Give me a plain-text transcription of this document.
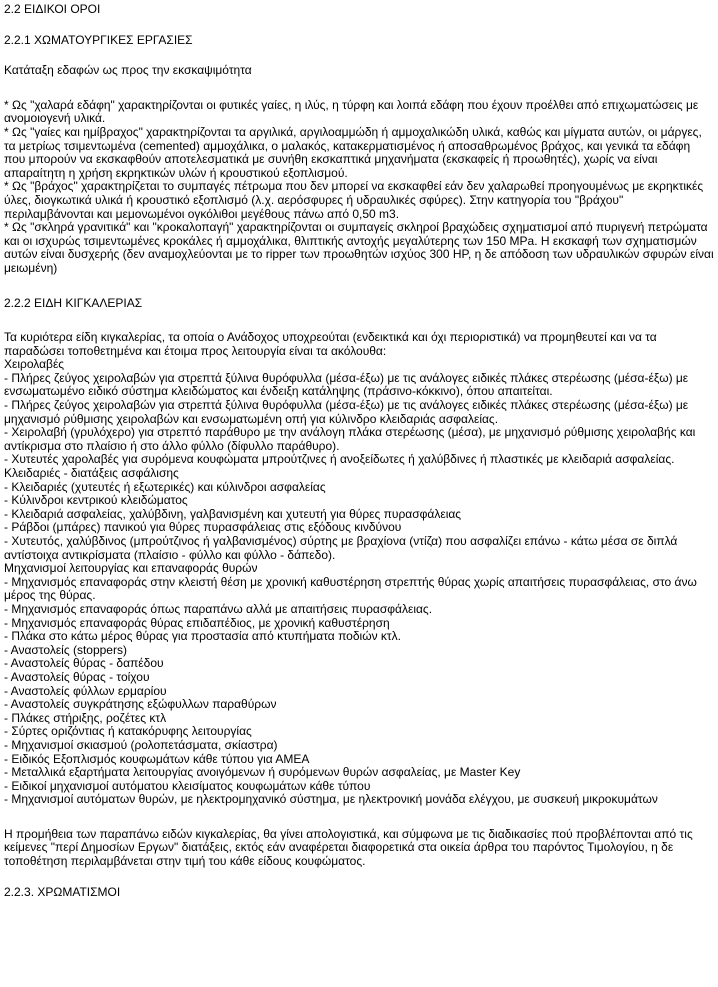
2.2 ΕΙΔΙΚΟΙ ΟΡΟΙ
2.2.1 ΧΩΜΑΤΟΥΡΓΙΚΕΣ ΕΡΓΑΣΙΕΣ
Κατάταξη εδαφών ως προς την εκσκαψιμότητα
* Ως "χαλαρά εδάφη" χαρακτηρίζονται οι φυτικές γαίες, η ιλύς, η τύρφη και λοιπά εδάφη που έχουν προέλθει από επιχωματώσεις με ανομοιογενή υλικά.
* Ως "γαίες και ημίβραχος" χαρακτηρίζονται τα αργιλικά, αργιλοαμμώδη ή αμμοχαλικώδη υλικά, καθώς και μίγματα αυτών, οι μάργες, τα μετρίως τσιμεντωμένα (cemented) αμμοχάλικα, ο μαλακός, κατακερματισμένος ή αποσαθρωμένος βράχος, και γενικά τα εδάφη που μπορούν να εκσκαφθούν αποτελεσματικά με συνήθη εκσκαπτικά μηχανήματα (εκσκαφείς ή προωθητές), χωρίς να είναι απαραίτητη η χρήση εκρηκτικών υλών ή κρουστικού εξοπλισμού.
* Ως "βράχος" χαρακτηρίζεται το συμπαγές πέτρωμα που δεν μπορεί να εκσκαφθεί εάν δεν χαλαρωθεί προηγουμένως με εκρηκτικές ύλες, διογκωτικά υλικά ή κρουστικό εξοπλισμό (λ.χ. αερόσφυρες ή υδραυλικές σφύρες). Στην κατηγορία του "βράχου" περιλαμβάνονται και μεμονωμένοι ογκόλιθοι μεγέθους πάνω από 0,50 m3.
* Ως "σκληρά γρανιτικά" και "κροκαλοπαγή" χαρακτηρίζονται οι συμπαγείς σκληροί βραχώδεις σχηματισμοί από πυριγενή πετρώματα και οι ισχυρώς τσιμεντωμένες κροκάλες ή αμμοχάλικα, θλιπτικής αντοχής μεγαλύτερης των 150 MPa. Η εκσκαφή των σχηματισμών αυτών είναι δυσχερής (δεν αναμοχλεύονται με το ripper των προωθητών ισχύος 300 HP, η δε απόδοση των υδραυλικών σφυρών είναι μειωμένη)
2.2.2 ΕΙΔΗ ΚΙΓΚΑΛΕΡΙΑΣ
Τα κυριότερα είδη κιγκαλερίας, τα οποία ο Ανάδοχος υποχρεούται (ενδεικτικά και όχι περιοριστικά) να προμηθευτεί και να τα παραδώσει τοποθετημένα και έτοιμα προς λειτουργία είναι τα ακόλουθα:
Χειρολαβές
- Πλήρες ζεύγος χειρολαβών για στρεπτά ξύλινα θυρόφυλλα (μέσα-έξω) με τις ανάλογες ειδικές πλάκες στερέωσης (μέσα-έξω) με ενσωματωμένο ειδικό σύστημα κλειδώματος και ένδειξη κατάληψης (πράσινο-κόκκινο), όπου απαιτείται.
- Πλήρες ζεύγος χειρολαβών για στρεπτά ξύλινα θυρόφυλλα (μέσα-έξω) με τις ανάλογες ειδικές πλάκες στερέωσης (μέσα-έξω) με μηχανισμό ρύθμισης χειρολαβών και ενσωματωμένη οπή για κύλινδρο κλειδαριάς ασφαλείας.
- Χειρολαβή (γρυλόχερο) για στρεπτό παράθυρο με την ανάλογη πλάκα στερέωσης (μέσα), με μηχανισμό ρύθμισης χειρολαβής και αντίκρισμα στο πλαίσιο ή στο άλλο φύλλο (δίφυλλο παράθυρο).
- Χυτευτές χαρολαβές για συρόμενα κουφώματα μπρούτζινες ή ανοξείδωτες ή χαλύβδινες ή πλαστικές με κλειδαριά ασφαλείας.
Κλειδαριές - διατάξεις ασφάλισης
- Κλειδαριές (χυτευτές ή εξωτερικές) και κύλινδροι ασφαλείας
- Κύλινδροι κεντρικού κλειδώματος
- Κλειδαριά ασφαλείας, χαλύβδινη, γαλβανισμένη και χυτευτή για θύρες πυρασφάλειας
- Ράβδοι (μπάρες) πανικού για θύρες πυρασφάλειας στις εξόδους κινδύνου
- Χυτευτός, χαλύβδινος (μπρούτζινος ή γαλβανισμένος) σύρτης με βραχίονα (ντίζα) που ασφαλίζει επάνω - κάτω μέσα σε διπλά αντίστοιχα αντικρίσματα (πλαίσιο - φύλλο και φύλλο - δάπεδο).
Μηχανισμοί λειτουργίας και επαναφοράς θυρών
- Μηχανισμός επαναφοράς στην κλειστή θέση με χρονική καθυστέρηση στρεπτής θύρας χωρίς απαιτήσεις πυρασφάλειας, στο άνω μέρος της θύρας.
- Μηχανισμός επαναφοράς όπως παραπάνω αλλά με απαιτήσεις πυρασφάλειας.
- Μηχανισμός επαναφοράς θύρας επιδαπέδιος, με χρονική καθυστέρηση
- Πλάκα στο κάτω μέρος θύρας για προστασία από κτυπήματα ποδιών κτλ.
- Αναστολείς (stoppers)
- Αναστολείς θύρας - δαπέδου
- Αναστολείς θύρας - τοίχου
- Αναστολείς φύλλων ερμαρίου
- Αναστολείς συγκράτησης εξώφυλλων παραθύρων
- Πλάκες στήριξης, ροζέτες κτλ
- Σύρτες οριζόντιας ή κατακόρυφης λειτουργίας
- Μηχανισμοί σκιασμού (ρολοπετάσματα, σκίαστρα)
- Ειδικός Εξοπλισμός κουφωμάτων κάθε τύπου για ΑΜΕΑ
- Μεταλλικά εξαρτήματα λειτουργίας ανοιγόμενων ή συρόμενων θυρών ασφαλείας, με Master Key
- Ειδικοί μηχανισμοί αυτόματου κλεισίματος κουφωμάτων κάθε τύπου
- Μηχανισμοί αυτόματων θυρών, με ηλεκτρομηχανικό σύστημα, με ηλεκτρονική μονάδα ελέγχου, με συσκευή μικροκυμάτων
Η προμήθεια των παραπάνω ειδών κιγκαλερίας, θα γίνει απολογιστικά, και σύμφωνα με τις διαδικασίες πού προβλέπονται από τις κείμενες "περί Δημοσίων Εργων" διατάξεις, εκτός εάν αναφέρεται διαφορετικά στα οικεία άρθρα του παρόντος Τιμολογίου, η δε τοποθέτηση περιλαμβάνεται στην τιμή του κάθε είδους κουφώματος.
2.2.3. ΧΡΩΜΑΤΙΣΜΟΙ
